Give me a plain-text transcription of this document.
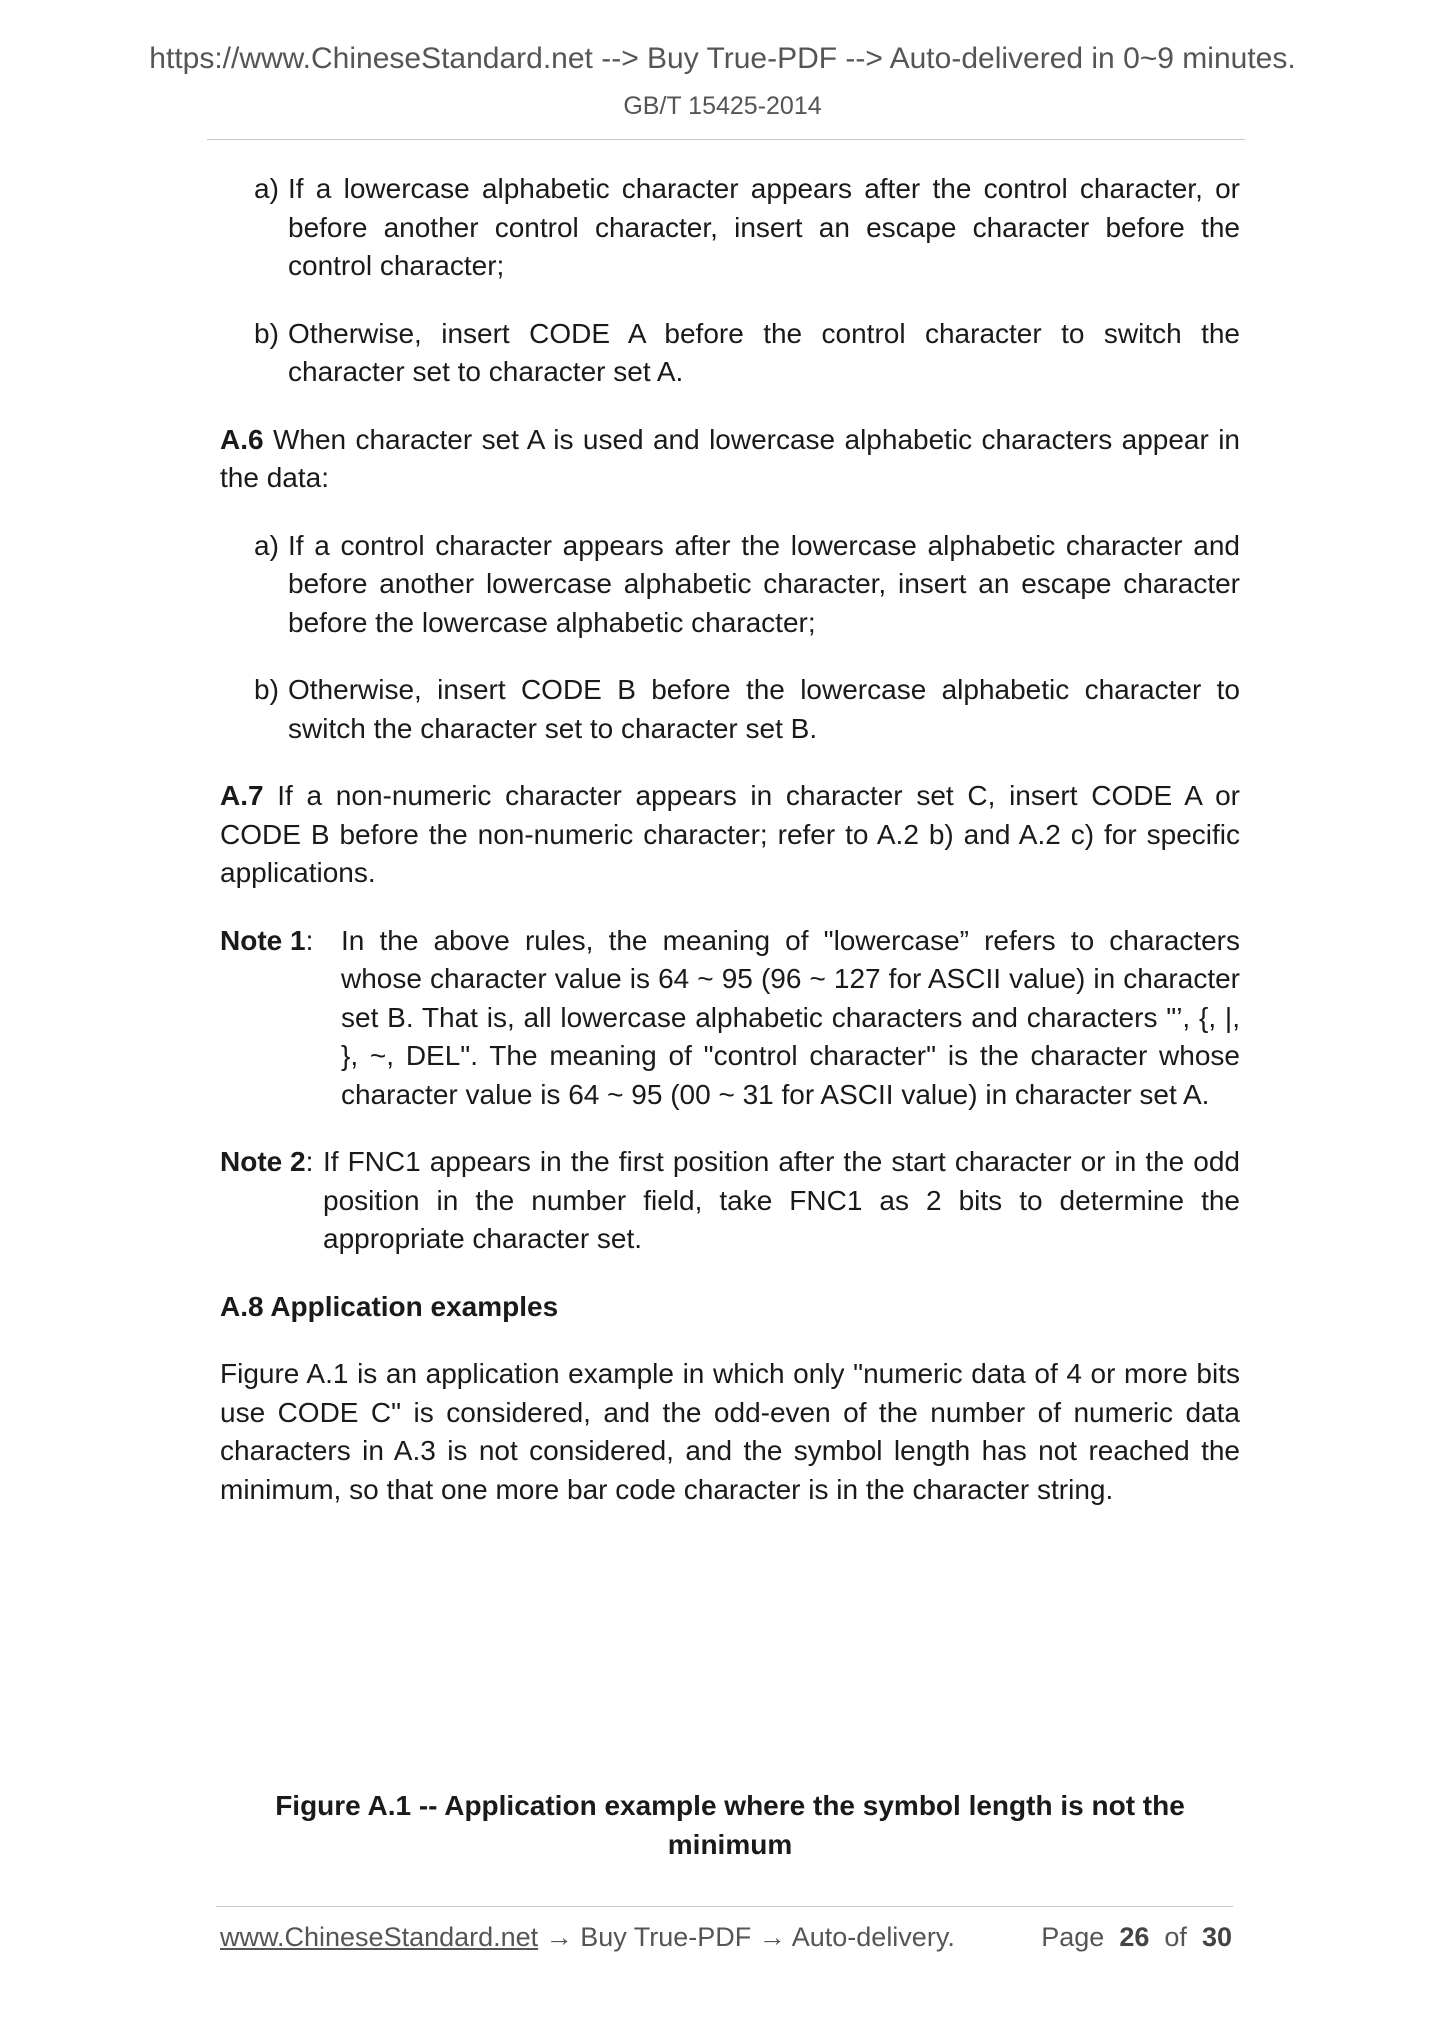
https://www.ChineseStandard.net --> Buy True-PDF --> Auto-delivered in 0~9 minutes.
GB/T 15425-2014
a) If a lowercase alphabetic character appears after the control character, or before another control character, insert an escape character before the control character;

b) Otherwise, insert CODE A before the control character to switch the character set to character set A.

A.6 When character set A is used and lowercase alphabetic characters appear in the data:

a) If a control character appears after the lowercase alphabetic character and before another lowercase alphabetic character, insert an escape character before the lowercase alphabetic character;

b) Otherwise, insert CODE B before the lowercase alphabetic character to switch the character set to character set B.

A.7 If a non-numeric character appears in character set C, insert CODE A or CODE B before the non-numeric character; refer to A.2 b) and A.2 c) for specific applications.

Note 1: In the above rules, the meaning of "lowercase” refers to characters whose character value is 64 ~ 95 (96 ~ 127 for ASCII value) in character set B. That is, all lowercase alphabetic characters and characters "’, {, |, }, ~, DEL". The meaning of "control character" is the character whose character value is 64 ~ 95 (00 ~ 31 for ASCII value) in character set A.

Note 2: If FNC1 appears in the first position after the start character or in the odd position in the number field, take FNC1 as 2 bits to determine the appropriate character set.

A.8 Application examples

Figure A.1 is an application example in which only "numeric data of 4 or more bits use CODE C" is considered, and the odd-even of the number of numeric data characters in A.3 is not considered, and the symbol length has not reached the minimum, so that one more bar code character is in the character string.

Figure A.1 -- Application example where the symbol length is not the minimum
www.ChineseStandard.net → Buy True-PDF → Auto-delivery.	Page 26 of 30
